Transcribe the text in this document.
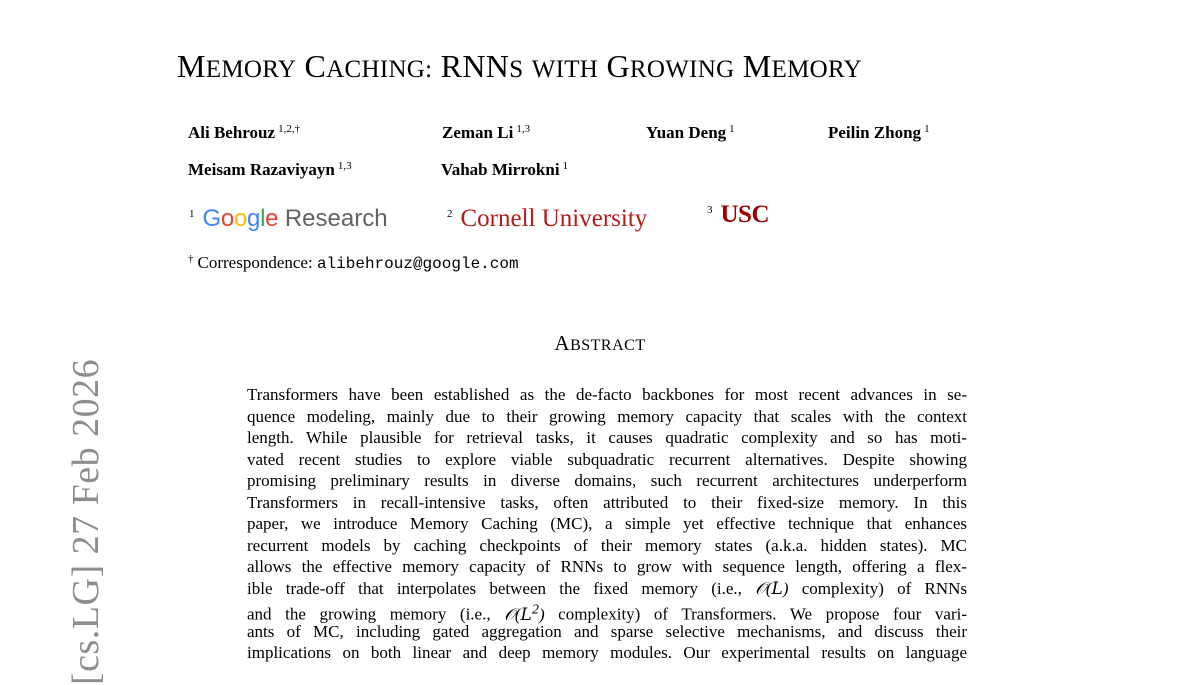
[cs.LG] 27 Feb 2026
MEMORY CACHING: RNNS WITH GROWING MEMORY
Ali Behrouz $^{1,2,\dagger}$	Zeman Li $^{1,3}$	Yuan Deng $^1$	Peilin Zhong $^1$
Meisam Razaviyayn $^{1,3}$	Vahab Mirrokni $^1$
$^1$ Google Research	$^2$ Cornell University	$^3$ USC
† Correspondence: alibehrouz@google.com
ABSTRACT
Transformers have been established as the de-facto backbones for most recent advances in se-
quence modeling, mainly due to their growing memory capacity that scales with the context
length. While plausible for retrieval tasks, it causes quadratic complexity and so has moti-
vated recent studies to explore viable subquadratic recurrent alternatives. Despite showing
promising preliminary results in diverse domains, such recurrent architectures underperform
Transformers in recall-intensive tasks, often attributed to their fixed-size memory. In this
paper, we introduce Memory Caching (MC), a simple yet effective technique that enhances
recurrent models by caching checkpoints of their memory states (a.k.a. hidden states). MC
allows the effective memory capacity of RNNs to grow with sequence length, offering a flex-
ible trade-off that interpolates between the fixed memory (i.e., 𝒪(𝐿) complexity) of RNNs
and the growing memory (i.e., 𝒪(𝐿$^2$) complexity) of Transformers. We propose four vari-
ants of MC, including gated aggregation and sparse selective mechanisms, and discuss their
implications on both linear and deep memory modules. Our experimental results on language
